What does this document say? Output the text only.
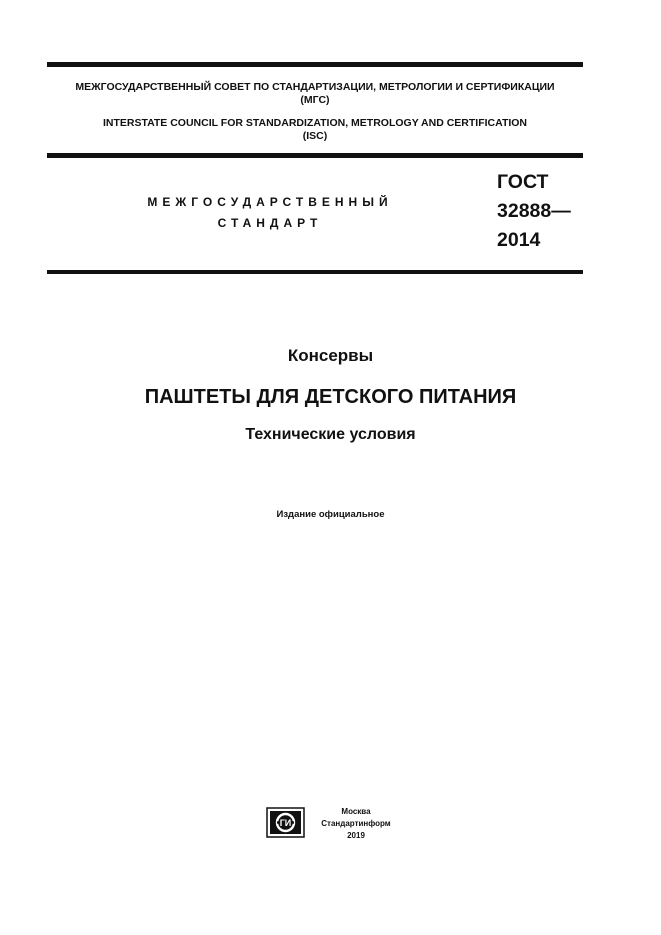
МЕЖГОСУДАРСТВЕННЫЙ СОВЕТ ПО СТАНДАРТИЗАЦИИ, МЕТРОЛОГИИ И СЕРТИФИКАЦИИ
(МГС)
INTERSTATE COUNCIL FOR STANDARDIZATION, METROLOGY AND CERTIFICATION
(ISC)
МЕЖГОСУДАРСТВЕННЫЙ
СТАНДАРТ
ГОСТ
32888—
2014
Консервы
ПАШТЕТЫ ДЛЯ ДЕТСКОГО ПИТАНИЯ
Технические условия
Издание официальное
ГИ
Москва
Стандартинформ
2019
